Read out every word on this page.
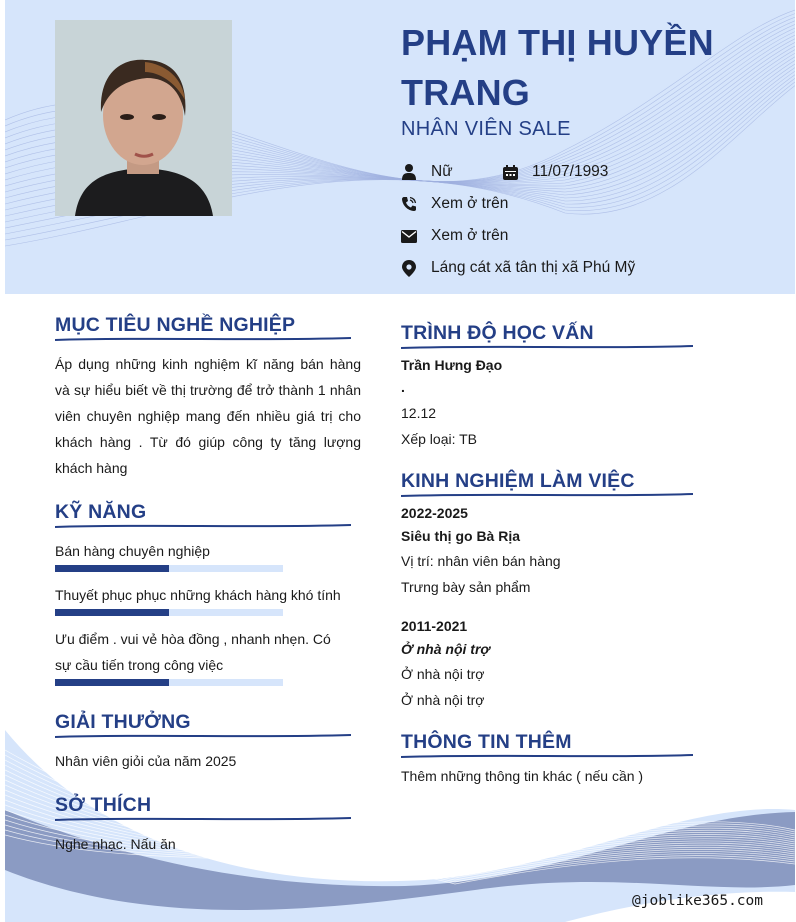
PHẠM THỊ HUYỀN TRANG
NHÂN VIÊN SALE
Nữ	11/07/1993
Xem ở trên
Xem ở trên
Láng cát xã tân thị xã Phú Mỹ
MỤC TIÊU NGHỀ NGHIỆP
Áp dụng những kinh nghiệm kĩ năng bán hàng và sự hiểu biết về thị trường để trở thành 1 nhân viên chuyên nghiệp mang đến nhiều giá trị cho khách hàng . Từ đó giúp công ty tăng lượng khách hàng
KỸ NĂNG
Bán hàng chuyên nghiệp
Thuyết phục phục những khách hàng khó tính
Ưu điểm . vui vẻ hòa đồng , nhanh nhẹn. Có sự cầu tiến trong công việc
GIẢI THƯỞNG
Nhân viên giỏi của năm 2025
SỞ THÍCH
Nghe nhạc. Nấu ăn
TRÌNH ĐỘ HỌC VẤN
Trần Hưng Đạo
.
12.12
Xếp loại: TB
KINH NGHIỆM LÀM VIỆC
2022-2025
Siêu thị go Bà Rịa
Vị trí: nhân viên bán hàng
Trưng bày sản phẩm
2011-2021
Ở nhà nội trợ
Ở nhà nội trợ
Ở nhà nội trợ
THÔNG TIN THÊM
Thêm những thông tin khác ( nếu cần )
@joblike365.com
